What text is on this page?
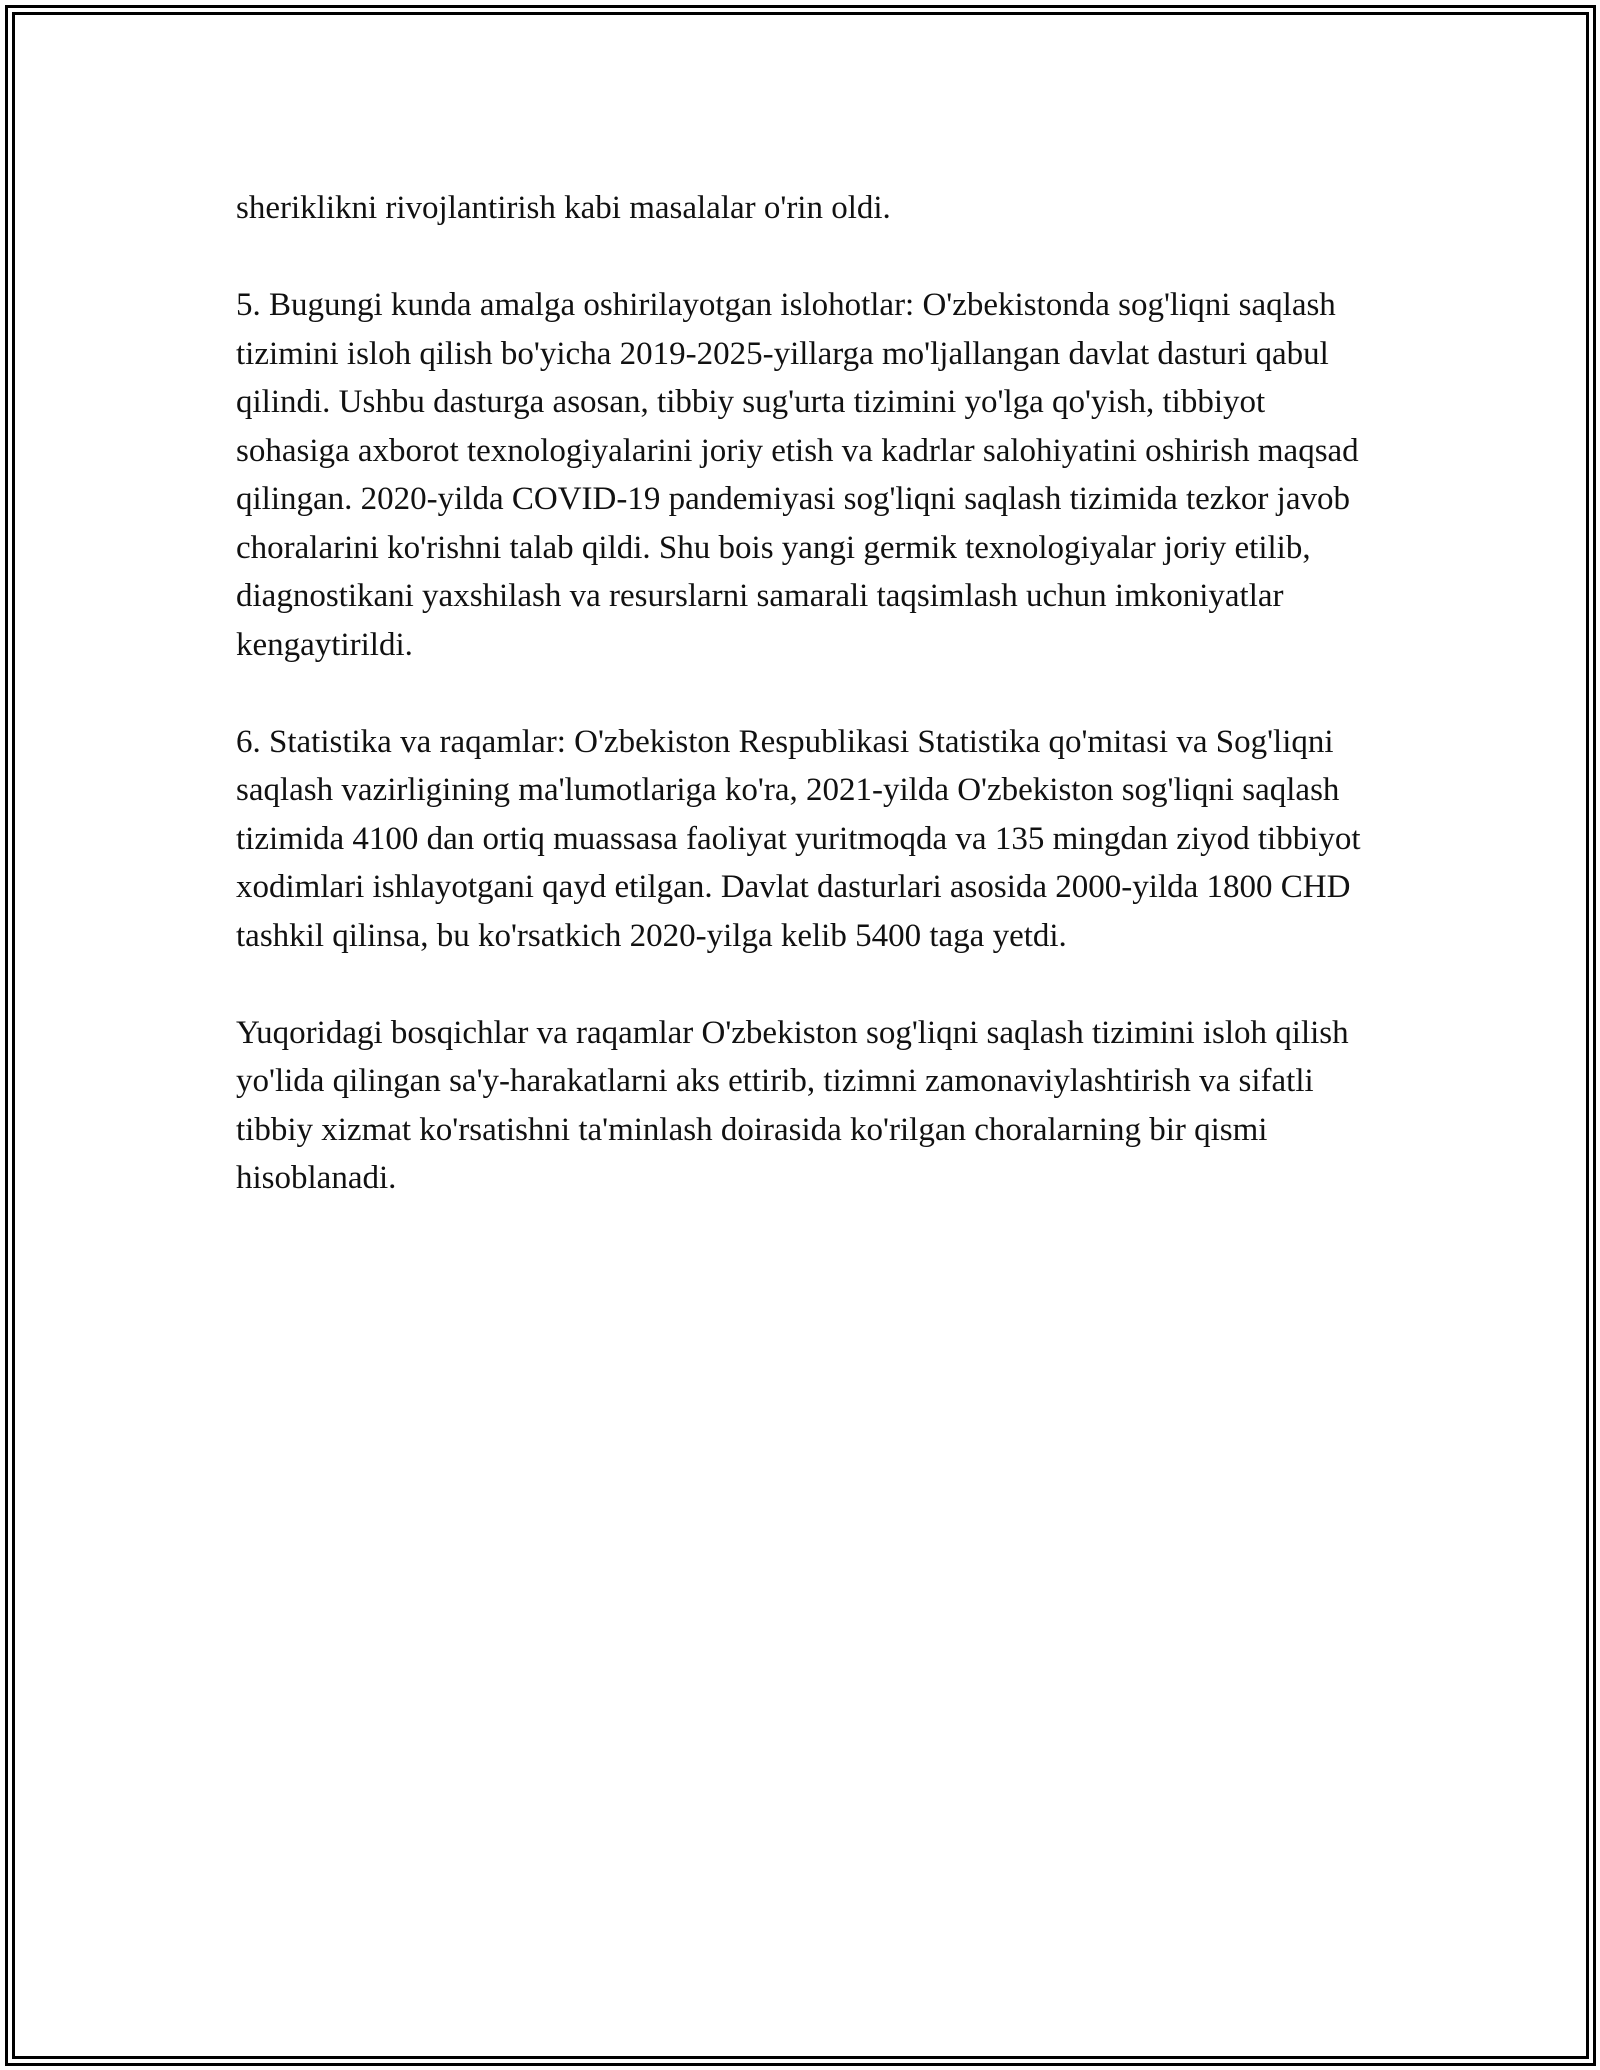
sheriklikni rivojlantirish kabi masalalar o'rin oldi.

5. Bugungi kunda amalga oshirilayotgan islohotlar: O'zbekistonda sog'liqni saqlash tizimini isloh qilish bo'yicha 2019-2025-yillarga mo'ljallangan davlat dasturi qabul qilindi. Ushbu dasturga asosan, tibbiy sug'urta tizimini yo'lga qo'yish, tibbiyot sohasiga axborot texnologiyalarini joriy etish va kadrlar salohiyatini oshirish maqsad qilingan. 2020-yilda COVID-19 pandemiyasi sog'liqni saqlash tizimida tezkor javob choralarini ko'rishni talab qildi. Shu bois yangi germik texnologiyalar joriy etilib, diagnostikani yaxshilash va resurslarni samarali taqsimlash uchun imkoniyatlar kengaytirildi.

6. Statistika va raqamlar: O'zbekiston Respublikasi Statistika qo'mitasi va Sog'liqni saqlash vazirligining ma'lumotlariga ko'ra, 2021-yilda O'zbekiston sog'liqni saqlash tizimida 4100 dan ortiq muassasa faoliyat yuritmoqda va 135 mingdan ziyod tibbiyot xodimlari ishlayotgani qayd etilgan. Davlat dasturlari asosida 2000-yilda 1800 CHD tashkil qilinsa, bu ko'rsatkich 2020-yilga kelib 5400 taga yetdi.

Yuqoridagi bosqichlar va raqamlar O'zbekiston sog'liqni saqlash tizimini isloh qilish yo'lida qilingan sa'y-harakatlarni aks ettirib, tizimni zamonaviylashtirish va sifatli tibbiy xizmat ko'rsatishni ta'minlash doirasida ko'rilgan choralarning bir qismi hisoblanadi.
